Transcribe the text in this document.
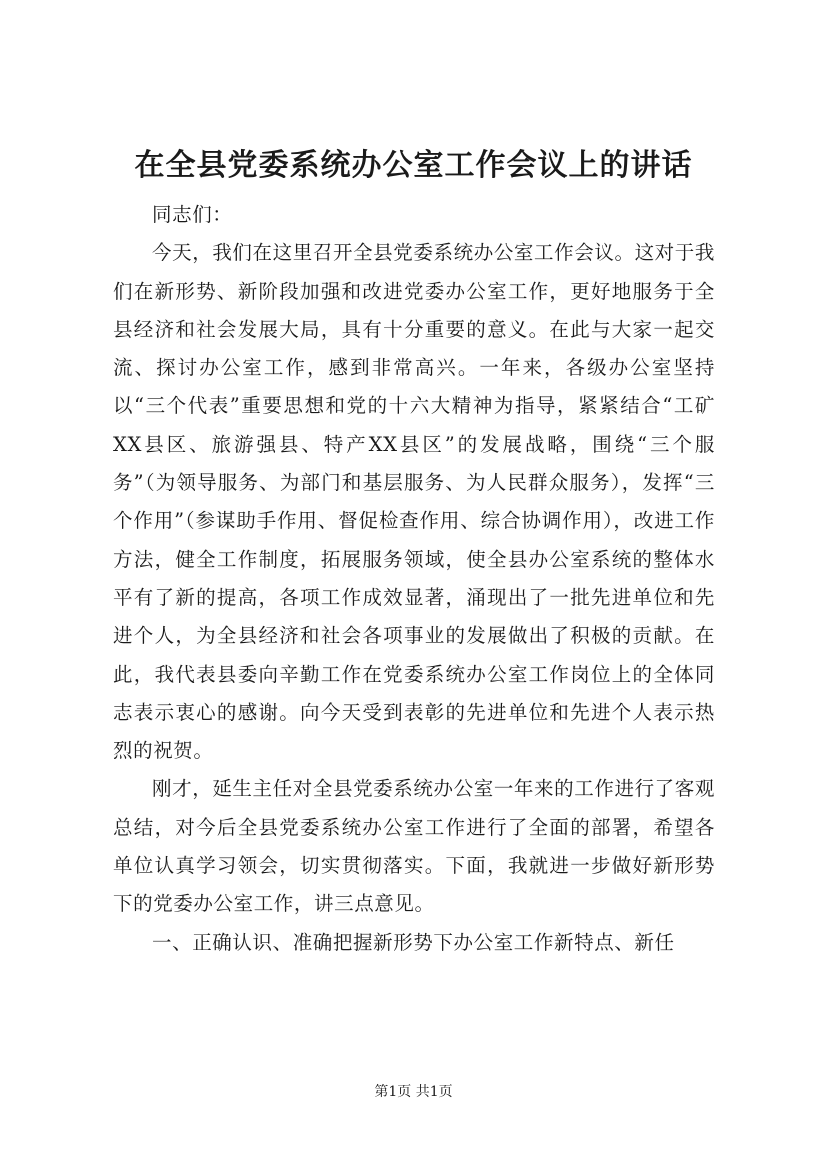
在全县党委系统办公室工作会议上的讲话

同志们：

今天，我们在这里召开全县党委系统办公室工作会议。这对于我们在新形势、新阶段加强和改进党委办公室工作，更好地服务于全县经济和社会发展大局，具有十分重要的意义。在此与大家一起交流、探讨办公室工作，感到非常高兴。一年来，各级办公室坚持以“三个代表”重要思想和党的十六大精神为指导，紧紧结合“工矿XX县区、旅游强县、特产XX县区”的发展战略，围绕“三个服务”（为领导服务、为部门和基层服务、为人民群众服务），发挥“三个作用”（参谋助手作用、督促检查作用、综合协调作用），改进工作方法，健全工作制度，拓展服务领域，使全县办公室系统的整体水平有了新的提高，各项工作成效显著，涌现出了一批先进单位和先进个人，为全县经济和社会各项事业的发展做出了积极的贡献。在此，我代表县委向辛勤工作在党委系统办公室工作岗位上的全体同志表示衷心的感谢。向今天受到表彰的先进单位和先进个人表示热烈的祝贺。

刚才，延生主任对全县党委系统办公室一年来的工作进行了客观总结，对今后全县党委系统办公室工作进行了全面的部署，希望各单位认真学习领会，切实贯彻落实。下面，我就进一步做好新形势下的党委办公室工作，讲三点意见。

一、正确认识、准确把握新形势下办公室工作新特点、新任

第1页 共1页
